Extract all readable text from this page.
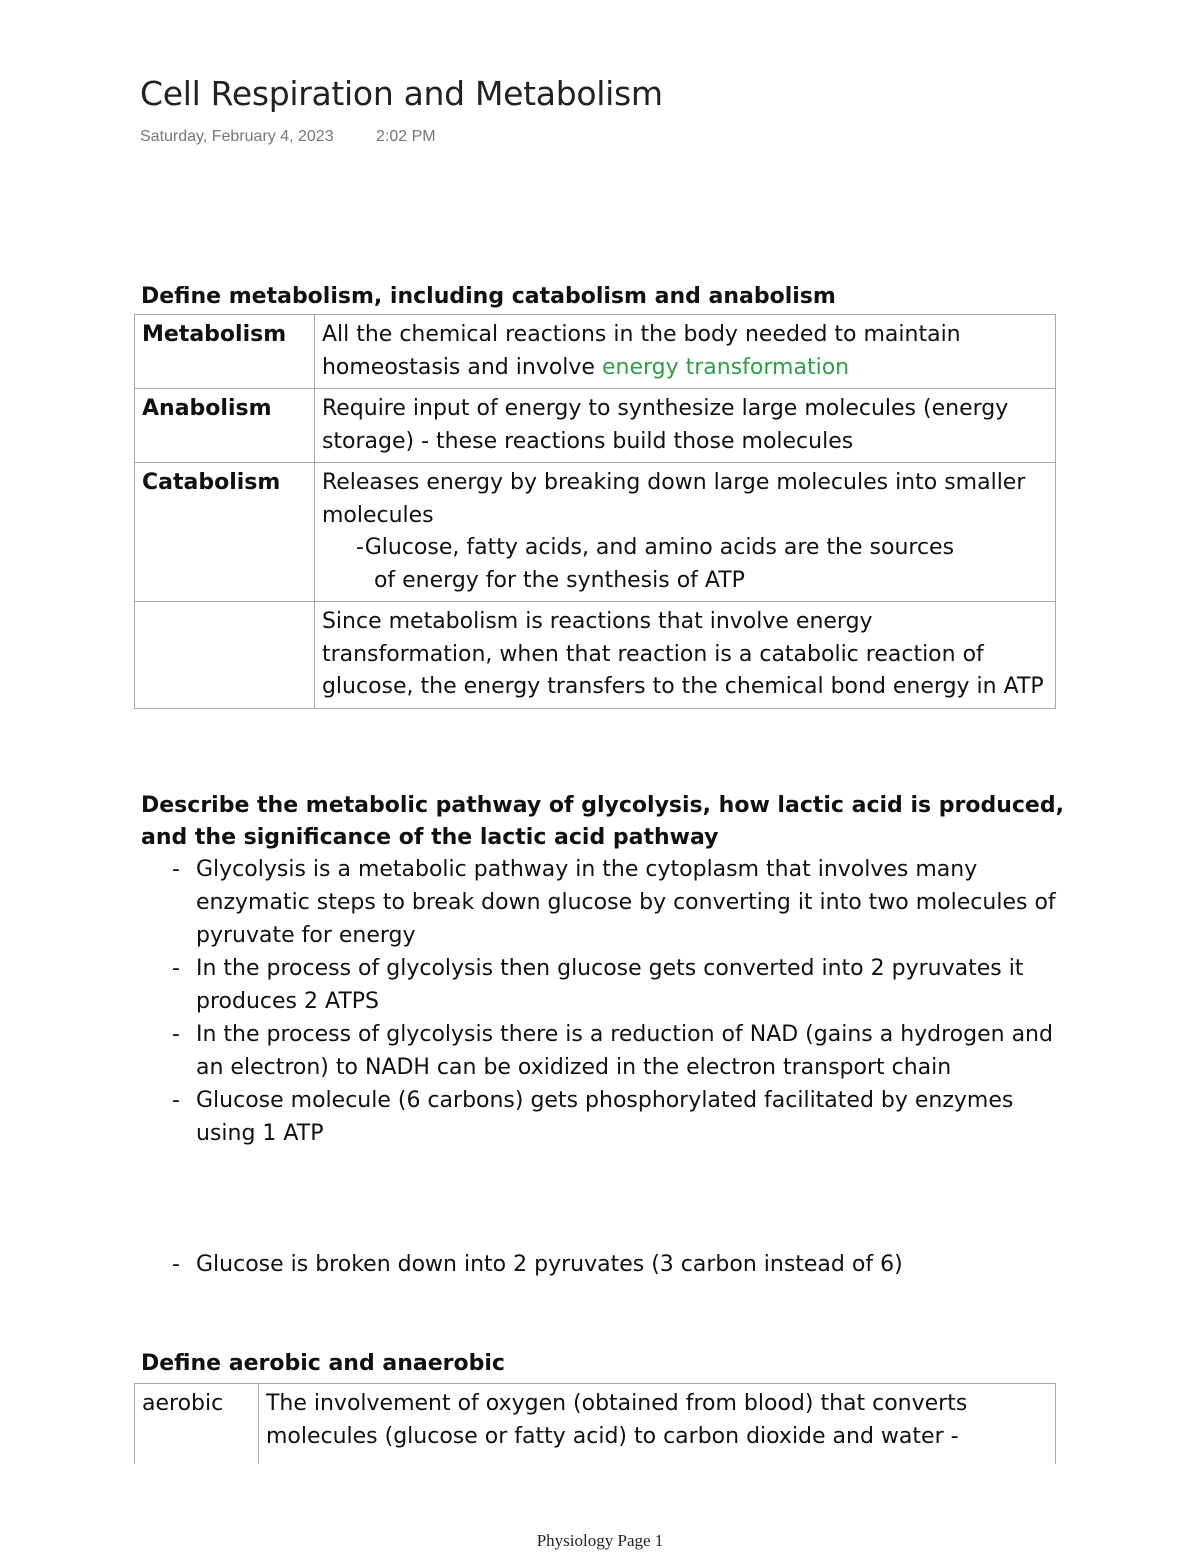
Cell Respiration and Metabolism
Saturday, February 4, 2023	2:02 PM
Define metabolism, including catabolism and anabolism
Metabolism	All the chemical reactions in the body needed to maintain homeostasis and involve energy transformation
Anabolism	Require input of energy to synthesize large molecules (energy storage) - these reactions build those molecules
Catabolism	Releases energy by breaking down large molecules into smaller molecules
-Glucose, fatty acids, and amino acids are the sources
of energy for the synthesis of ATP

	Since metabolism is reactions that involve energy transformation, when that reaction is a catabolic reaction of glucose, the energy transfers to the chemical bond energy in ATP
Describe the metabolic pathway of glycolysis, how lactic acid is produced,
and the significance of the lactic acid pathway
- Glycolysis is a metabolic pathway in the cytoplasm that involves many enzymatic steps to break down glucose by converting it into two molecules of pyruvate for energy
- In the process of glycolysis then glucose gets converted into 2 pyruvates it produces 2 ATPS
- In the process of glycolysis there is a reduction of NAD (gains a hydrogen and an electron) to NADH can be oxidized in the electron transport chain
- Glucose molecule (6 carbons) gets phosphorylated facilitated by enzymes using 1 ATP
- Glucose is broken down into 2 pyruvates (3 carbon instead of 6)
Define aerobic and anaerobic
aerobic	The involvement of oxygen (obtained from blood) that converts
molecules (glucose or fatty acid) to carbon dioxide and water -
Physiology Page 1
